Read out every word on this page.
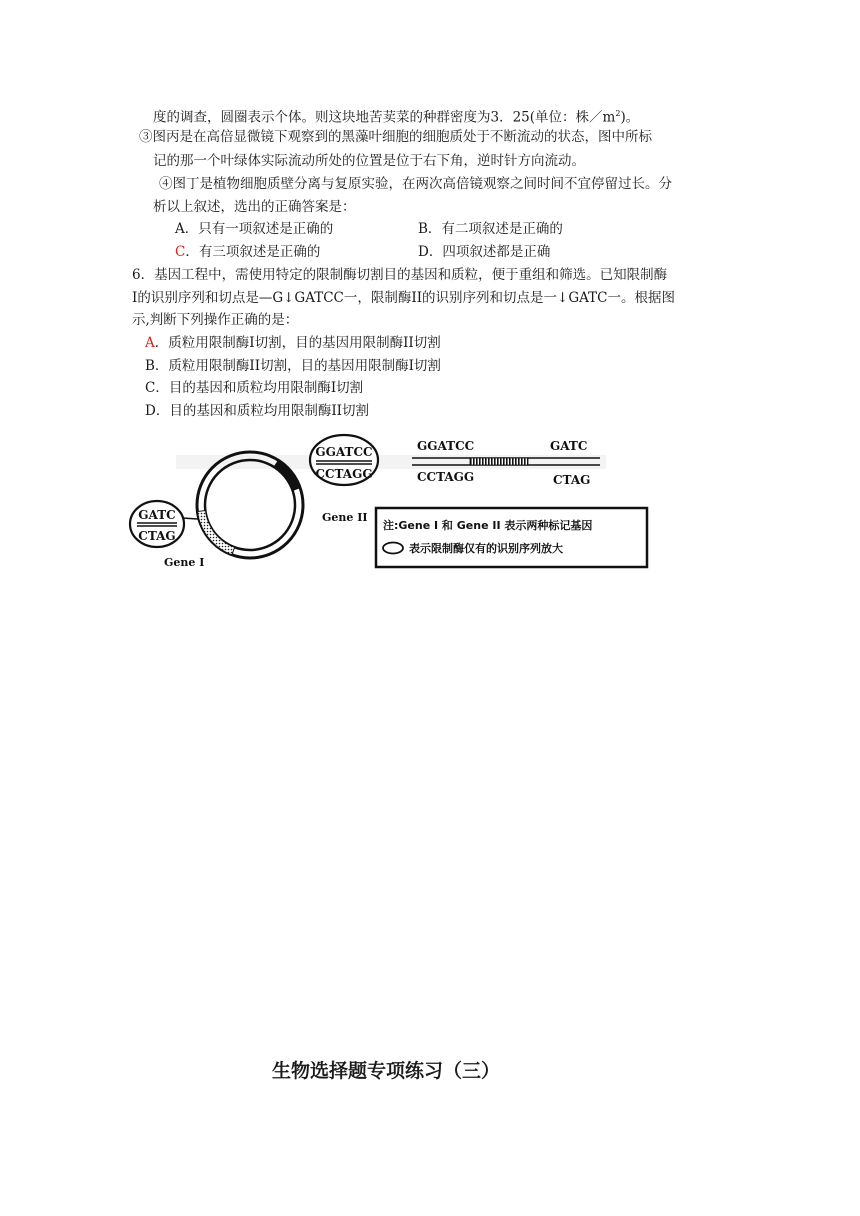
度的调查，圆圈表示个体。则这块地苦荬菜的种群密度为3．25(单位：株$/m^2$)。
③图丙是在高倍显微镜下观察到的黑藻叶细胞的细胞质处于不断流动的状态，图中所标
记的那一个叶绿体实际流动所处的位置是位于右下角，逆时针方向流动。
④图丁是植物细胞质壁分离与复原实验，在两次高倍镜观察之间时间不宜停留过长。分
析以上叙述，选出的正确答案是：
A．只有一项叙述是正确的	B．有二项叙述是正确的
C．有三项叙述是正确的	D．四项叙述都是正确
6．基因工程中，需使用特定的限制酶切割目的基因和质粒，便于重组和筛选。已知限制酶
I的识别序列和切点是—G↓GATCC一，限制酶II的识别序列和切点是一↓GATC一。根据图
示,判断下列操作正确的是：
A．质粒用限制酶I切割，目的基因用限制酶II切割
B．质粒用限制酶II切割，目的基因用限制酶I切割
C．目的基因和质粒均用限制酶I切割
D．目的基因和质粒均用限制酶II切割
GGATCC
CCTAGG
GATC
CTAG
Gene II
Gene I
GGATCC	GATC
CCTAGG	CTAG
注:Gene I 和 Gene II 表示两种标记基因
表示限制酶仅有的识别序列放大
生物选择题专项练习（三）
